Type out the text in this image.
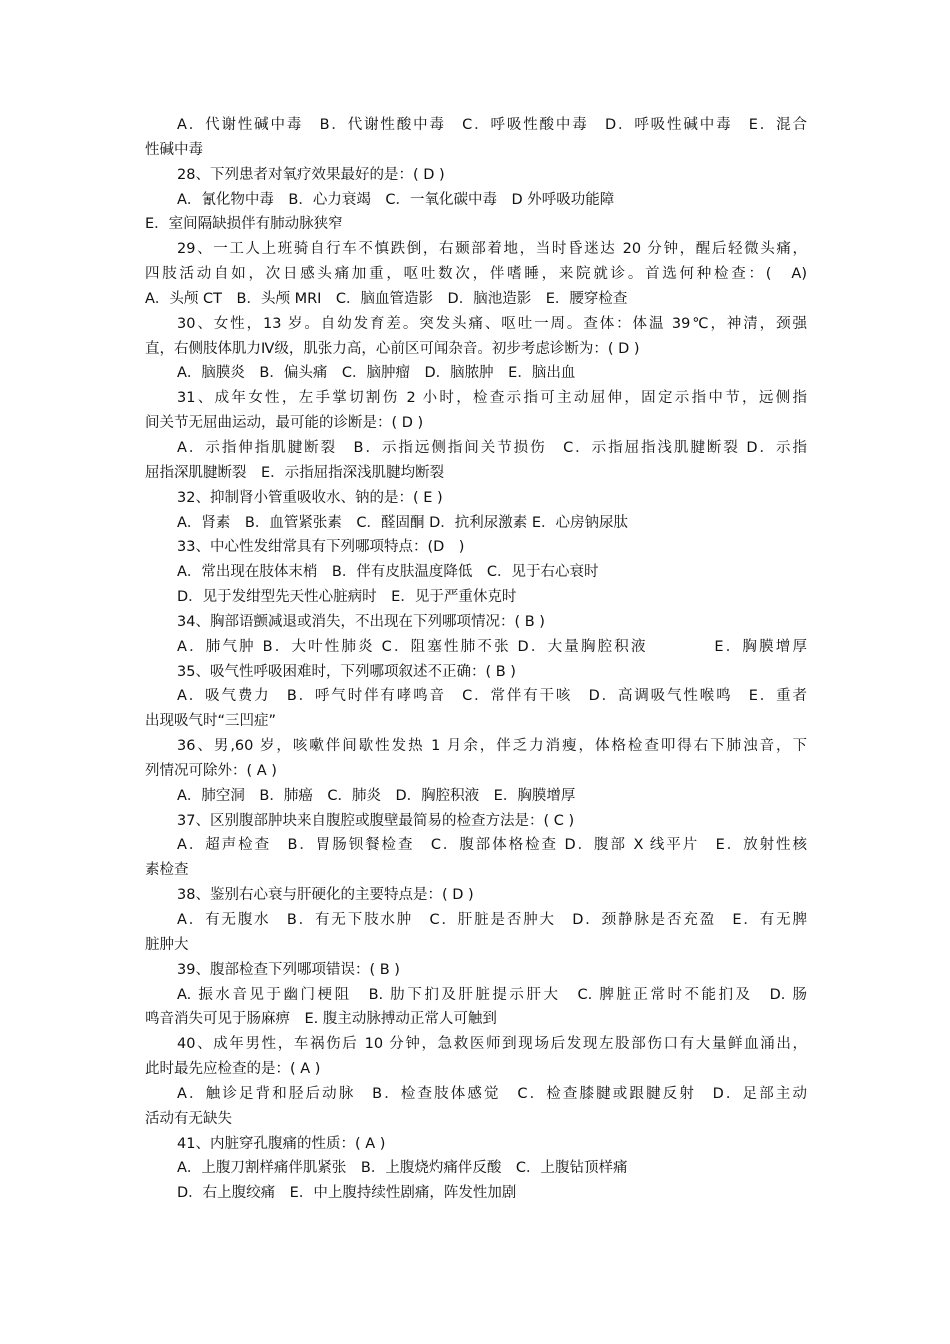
A．代谢性碱中毒　B．代谢性酸中毒　C．呼吸性酸中毒　D．呼吸性碱中毒　E．混合
性碱中毒
28、下列患者对氧疗效果最好的是：( D )
A．氰化物中毒　B．心力衰竭　C．一氧化碳中毒　D 外呼吸功能障
E．室间隔缺损伴有肺动脉狭窄
29、一工人上班骑自行车不慎跌倒，右颞部着地，当时昏迷达 20 分钟，醒后轻微头痛，
四肢活动自如，次日感头痛加重，呕吐数次，伴嗜睡，来院就诊。首选何种检查：(　A)
A．头颅 CT　B．头颅 MRI　C．脑血管造影　D．脑池造影　E．腰穿检查
30、女性，13 岁。自幼发育差。突发头痛、呕吐一周。查体：体温 39℃，神清，颈强
直，右侧肢体肌力Ⅳ级，肌张力高，心前区可闻杂音。初步考虑诊断为：( D )
A．脑膜炎　B．偏头痛　C．脑肿瘤　D．脑脓肿　E．脑出血
31、成年女性，左手掌切割伤 2 小时，检查示指可主动屈伸，固定示指中节，远侧指
间关节无屈曲运动，最可能的诊断是：( D )
A．示指伸指肌腱断裂　B．示指远侧指间关节损伤　C．示指屈指浅肌腱断裂 D．示指
屈指深肌腱断裂　E．示指屈指深浅肌腱均断裂
32、抑制肾小管重吸收水、钠的是：( E )
A．肾素　B．血管紧张素　C．醛固酮 D．抗利尿激素 E．心房钠尿肽
33、中心性发绀常具有下列哪项特点：(D　)
A．常出现在肢体末梢　B．伴有皮肤温度降低　C．见于右心衰时
D．见于发绀型先天性心脏病时　E．见于严重休克时
34、胸部语颤减退或消失，不出现在下列哪项情况：( B )
A．肺气肿 B．大叶性肺炎 C．阻塞性肺不张 D．大量胸腔积液　　　　E．胸膜增厚
35、吸气性呼吸困难时，下列哪项叙述不正确：( B )
A．吸气费力　B．呼气时伴有哮鸣音　C．常伴有干咳　D．高调吸气性喉鸣　E．重者
出现吸气时“三凹症”
36、男,60 岁，咳嗽伴间歇性发热 1 月余，伴乏力消瘦，体格检查叩得右下肺浊音，下
列情况可除外：( A )
A．肺空洞　B．肺癌　C．肺炎　D．胸腔积液　E．胸膜增厚
37、区别腹部肿块来自腹腔或腹壁最简易的检查方法是：( C )
A．超声检查　B．胃肠钡餐检查　C．腹部体格检查 D．腹部 X 线平片　E．放射性核
素检查
38、鉴别右心衰与肝硬化的主要特点是：( D )
A．有无腹水　B．有无下肢水肿　C．肝脏是否肿大　D．颈静脉是否充盈　E．有无脾
脏肿大
39、腹部检查下列哪项错误：( B )
A. 振水音见于幽门梗阻　B. 肋下扪及肝脏提示肝大　C. 脾脏正常时不能扪及　D. 肠
鸣音消失可见于肠麻痹　E. 腹主动脉搏动正常人可触到
40、成年男性，车祸伤后 10 分钟，急救医师到现场后发现左股部伤口有大量鲜血涌出，
此时最先应检查的是：( A )
A．触诊足背和胫后动脉　B．检查肢体感觉　C．检查膝腱或跟腱反射　D．足部主动
活动有无缺失
41、内脏穿孔腹痛的性质：( A )
A．上腹刀割样痛伴肌紧张　B．上腹烧灼痛伴反酸　C．上腹钻顶样痛
D．右上腹绞痛　E．中上腹持续性剧痛，阵发性加剧
